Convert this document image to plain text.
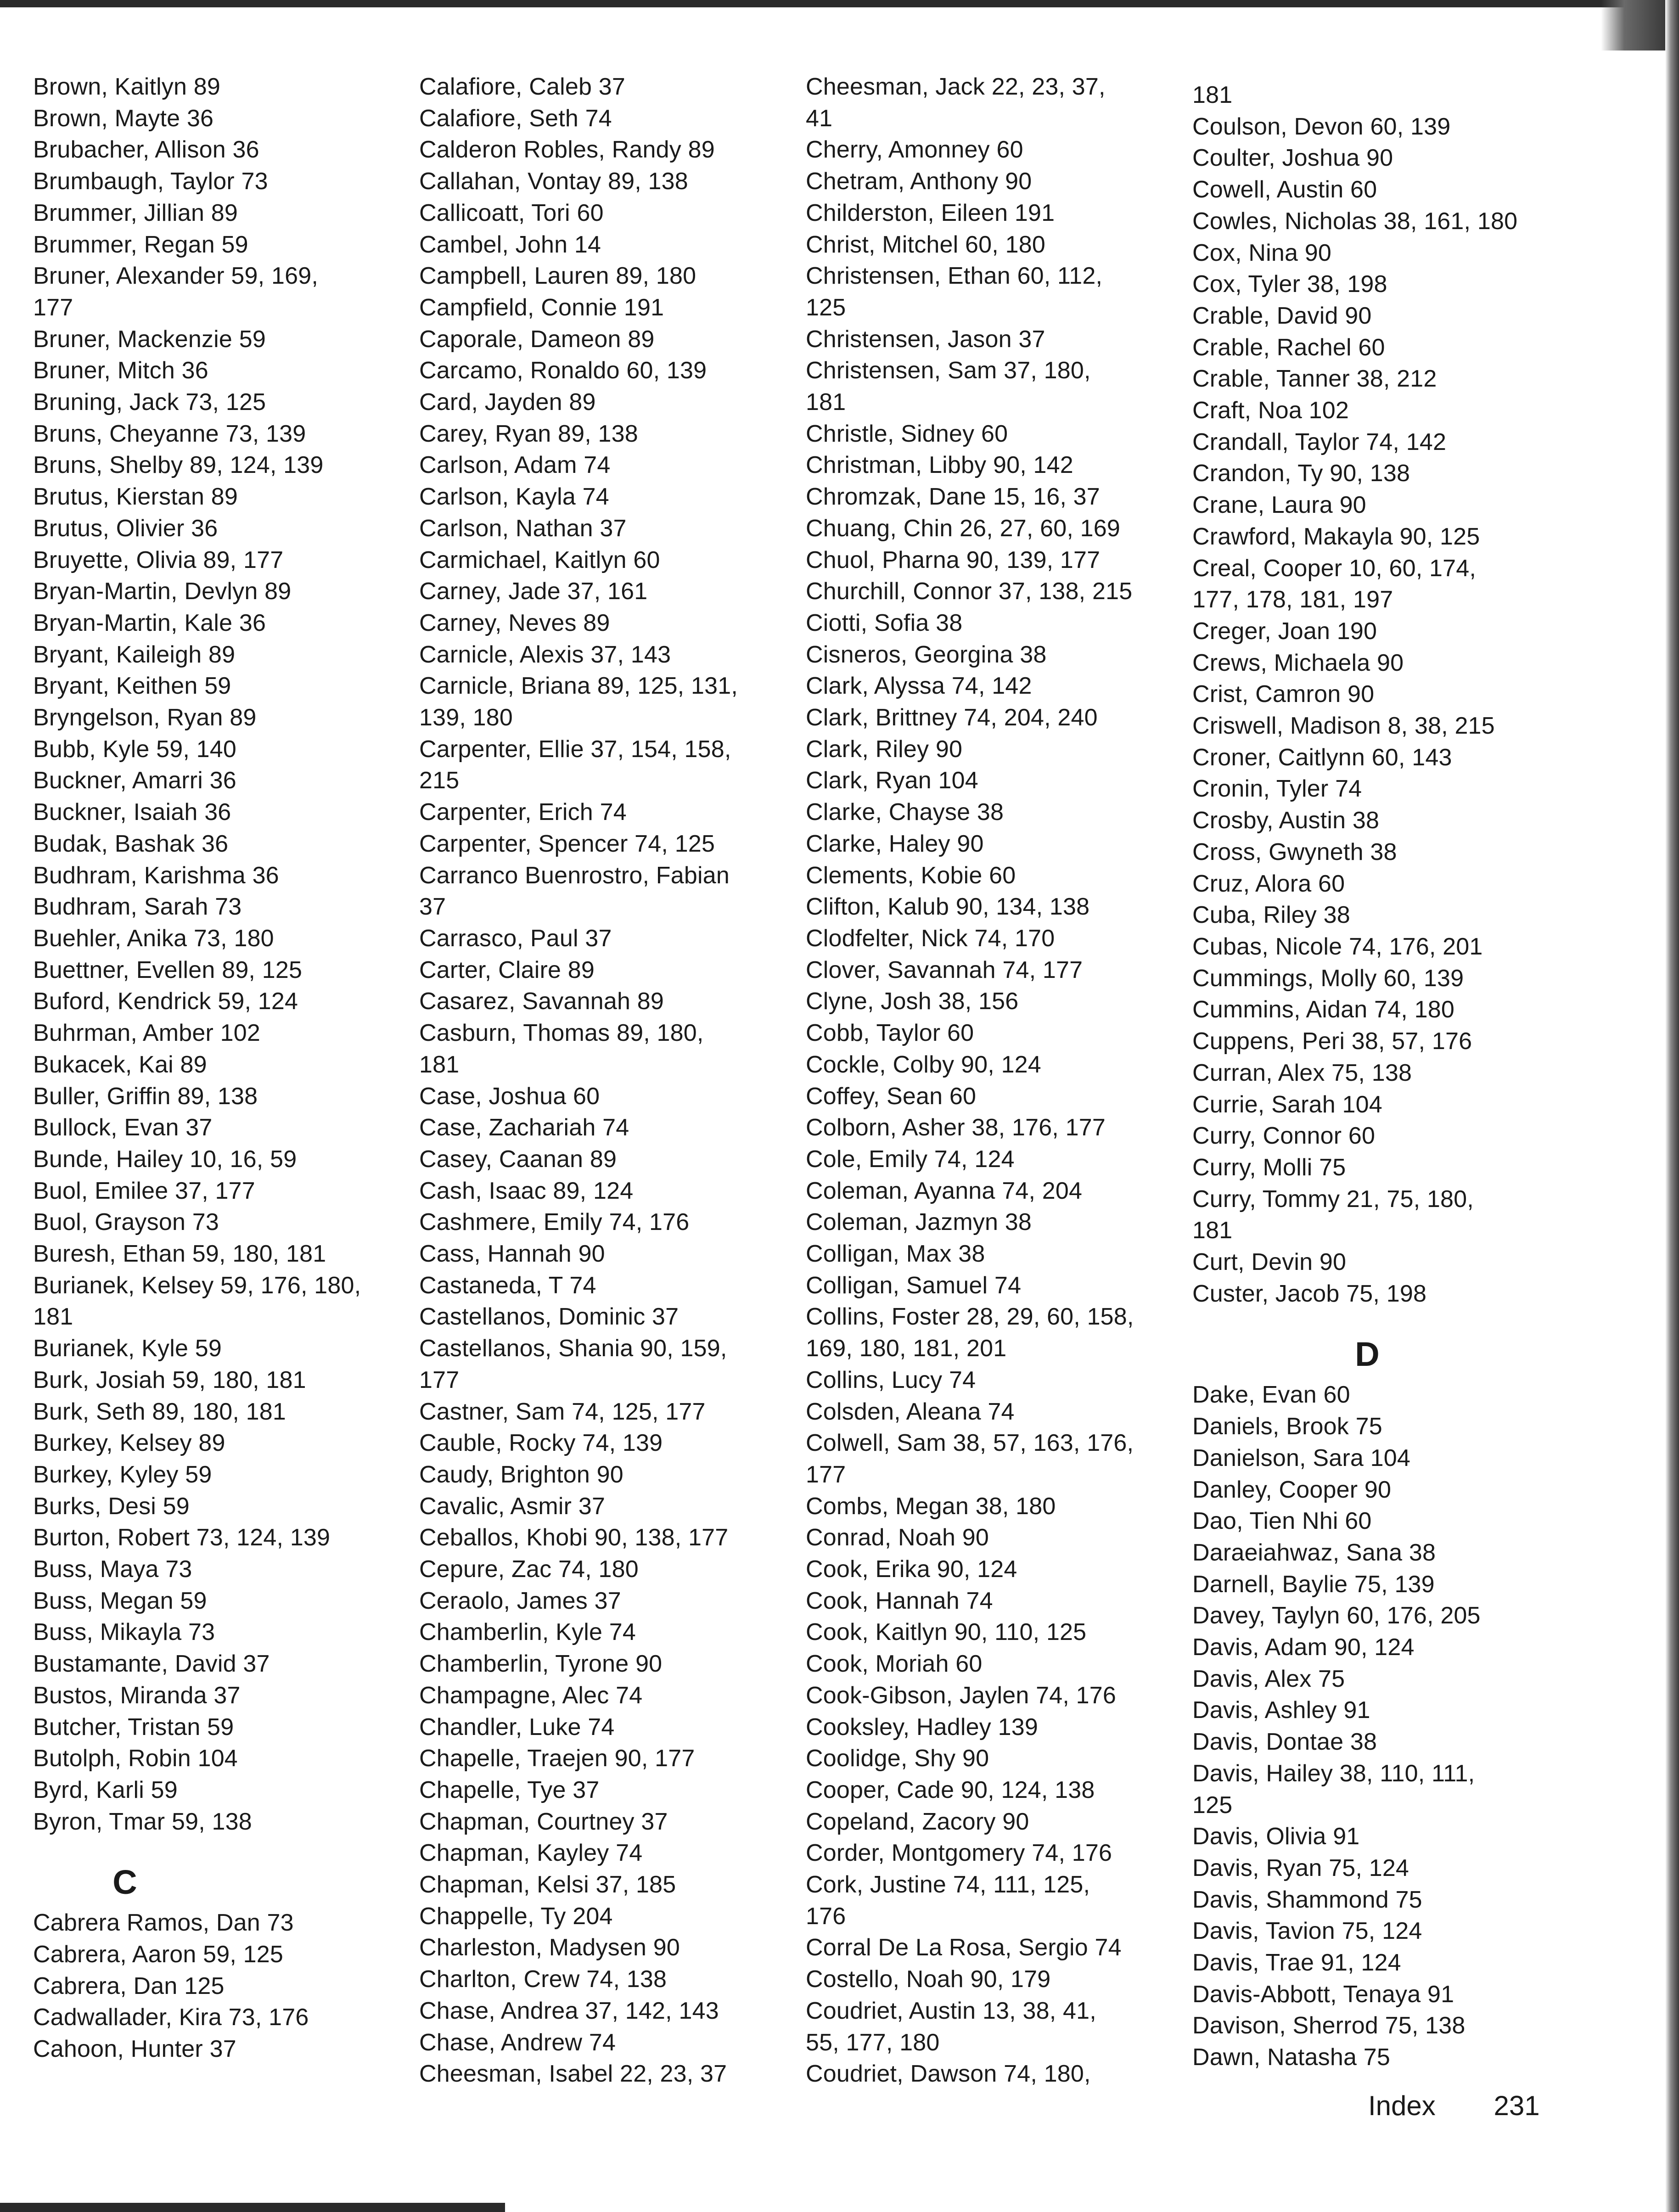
Brown, Kaitlyn 89
Brown, Mayte 36
Brubacher, Allison 36
Brumbaugh, Taylor 73
Brummer, Jillian 89
Brummer, Regan 59
Bruner, Alexander 59, 169,
177
Bruner, Mackenzie 59
Bruner, Mitch 36
Bruning, Jack 73, 125
Bruns, Cheyanne 73, 139
Bruns, Shelby 89, 124, 139
Brutus, Kierstan 89
Brutus, Olivier 36
Bruyette, Olivia 89, 177
Bryan-Martin, Devlyn 89
Bryan-Martin, Kale 36
Bryant, Kaileigh 89
Bryant, Keithen 59
Bryngelson, Ryan 89
Bubb, Kyle 59, 140
Buckner, Amarri 36
Buckner, Isaiah 36
Budak, Bashak 36
Budhram, Karishma 36
Budhram, Sarah 73
Buehler, Anika 73, 180
Buettner, Evellen 89, 125
Buford, Kendrick 59, 124
Buhrman, Amber 102
Bukacek, Kai 89
Buller, Griffin 89, 138
Bullock, Evan 37
Bunde, Hailey 10, 16, 59
Buol, Emilee 37, 177
Buol, Grayson 73
Buresh, Ethan 59, 180, 181
Burianek, Kelsey 59, 176, 180,
181
Burianek, Kyle 59
Burk, Josiah 59, 180, 181
Burk, Seth 89, 180, 181
Burkey, Kelsey 89
Burkey, Kyley 59
Burks, Desi 59
Burton, Robert 73, 124, 139
Buss, Maya 73
Buss, Megan 59
Buss, Mikayla 73
Bustamante, David 37
Bustos, Miranda 37
Butcher, Tristan 59
Butolph, Robin 104
Byrd, Karli 59
Byron, Tmar 59, 138
C
Cabrera Ramos, Dan 73
Cabrera, Aaron 59, 125
Cabrera, Dan 125
Cadwallader, Kira 73, 176
Cahoon, Hunter 37
Calafiore, Caleb 37
Calafiore, Seth 74
Calderon Robles, Randy 89
Callahan, Vontay 89, 138
Callicoatt, Tori 60
Cambel, John 14
Campbell, Lauren 89, 180
Campfield, Connie 191
Caporale, Dameon 89
Carcamo, Ronaldo 60, 139
Card, Jayden 89
Carey, Ryan 89, 138
Carlson, Adam 74
Carlson, Kayla 74
Carlson, Nathan 37
Carmichael, Kaitlyn 60
Carney, Jade 37, 161
Carney, Neves 89
Carnicle, Alexis 37, 143
Carnicle, Briana 89, 125, 131,
139, 180
Carpenter, Ellie 37, 154, 158,
215
Carpenter, Erich 74
Carpenter, Spencer 74, 125
Carranco Buenrostro, Fabian
37
Carrasco, Paul 37
Carter, Claire 89
Casarez, Savannah 89
Casburn, Thomas 89, 180,
181
Case, Joshua 60
Case, Zachariah 74
Casey, Caanan 89
Cash, Isaac 89, 124
Cashmere, Emily 74, 176
Cass, Hannah 90
Castaneda, T 74
Castellanos, Dominic 37
Castellanos, Shania 90, 159,
177
Castner, Sam 74, 125, 177
Cauble, Rocky 74, 139
Caudy, Brighton 90
Cavalic, Asmir 37
Ceballos, Khobi 90, 138, 177
Cepure, Zac 74, 180
Ceraolo, James 37
Chamberlin, Kyle 74
Chamberlin, Tyrone 90
Champagne, Alec 74
Chandler, Luke 74
Chapelle, Traejen 90, 177
Chapelle, Tye 37
Chapman, Courtney 37
Chapman, Kayley 74
Chapman, Kelsi 37, 185
Chappelle, Ty 204
Charleston, Madysen 90
Charlton, Crew 74, 138
Chase, Andrea 37, 142, 143
Chase, Andrew 74
Cheesman, Isabel 22, 23, 37
Cheesman, Jack 22, 23, 37,
41
Cherry, Amonney 60
Chetram, Anthony 90
Childerston, Eileen 191
Christ, Mitchel 60, 180
Christensen, Ethan 60, 112,
125
Christensen, Jason 37
Christensen, Sam 37, 180,
181
Christle, Sidney 60
Christman, Libby 90, 142
Chromzak, Dane 15, 16, 37
Chuang, Chin 26, 27, 60, 169
Chuol, Pharna 90, 139, 177
Churchill, Connor 37, 138, 215
Ciotti, Sofia 38
Cisneros, Georgina 38
Clark, Alyssa 74, 142
Clark, Brittney 74, 204, 240
Clark, Riley 90
Clark, Ryan 104
Clarke, Chayse 38
Clarke, Haley 90
Clements, Kobie 60
Clifton, Kalub 90, 134, 138
Clodfelter, Nick 74, 170
Clover, Savannah 74, 177
Clyne, Josh 38, 156
Cobb, Taylor 60
Cockle, Colby 90, 124
Coffey, Sean 60
Colborn, Asher 38, 176, 177
Cole, Emily 74, 124
Coleman, Ayanna 74, 204
Coleman, Jazmyn 38
Colligan, Max 38
Colligan, Samuel 74
Collins, Foster 28, 29, 60, 158,
169, 180, 181, 201
Collins, Lucy 74
Colsden, Aleana 74
Colwell, Sam 38, 57, 163, 176,
177
Combs, Megan 38, 180
Conrad, Noah 90
Cook, Erika 90, 124
Cook, Hannah 74
Cook, Kaitlyn 90, 110, 125
Cook, Moriah 60
Cook-Gibson, Jaylen 74, 176
Cooksley, Hadley 139
Coolidge, Shy 90
Cooper, Cade 90, 124, 138
Copeland, Zacory 90
Corder, Montgomery 74, 176
Cork, Justine 74, 111, 125,
176
Corral De La Rosa, Sergio 74
Costello, Noah 90, 179
Coudriet, Austin 13, 38, 41,
55, 177, 180
Coudriet, Dawson 74, 180,
181
Coulson, Devon 60, 139
Coulter, Joshua 90
Cowell, Austin 60
Cowles, Nicholas 38, 161, 180
Cox, Nina 90
Cox, Tyler 38, 198
Crable, David 90
Crable, Rachel 60
Crable, Tanner 38, 212
Craft, Noa 102
Crandall, Taylor 74, 142
Crandon, Ty 90, 138
Crane, Laura 90
Crawford, Makayla 90, 125
Creal, Cooper 10, 60, 174,
177, 178, 181, 197
Creger, Joan 190
Crews, Michaela 90
Crist, Camron 90
Criswell, Madison 8, 38, 215
Croner, Caitlynn 60, 143
Cronin, Tyler 74
Crosby, Austin 38
Cross, Gwyneth 38
Cruz, Alora 60
Cuba, Riley 38
Cubas, Nicole 74, 176, 201
Cummings, Molly 60, 139
Cummins, Aidan 74, 180
Cuppens, Peri 38, 57, 176
Curran, Alex 75, 138
Currie, Sarah 104
Curry, Connor 60
Curry, Molli 75
Curry, Tommy 21, 75, 180,
181
Curt, Devin 90
Custer, Jacob 75, 198
D
Dake, Evan 60
Daniels, Brook 75
Danielson, Sara 104
Danley, Cooper 90
Dao, Tien Nhi 60
Daraeiahwaz, Sana 38
Darnell, Baylie 75, 139
Davey, Taylyn 60, 176, 205
Davis, Adam 90, 124
Davis, Alex 75
Davis, Ashley 91
Davis, Dontae 38
Davis, Hailey 38, 110, 111,
125
Davis, Olivia 91
Davis, Ryan 75, 124
Davis, Shammond 75
Davis, Tavion 75, 124
Davis, Trae 91, 124
Davis-Abbott, Tenaya 91
Davison, Sherrod 75, 138
Dawn, Natasha 75
Index 231
